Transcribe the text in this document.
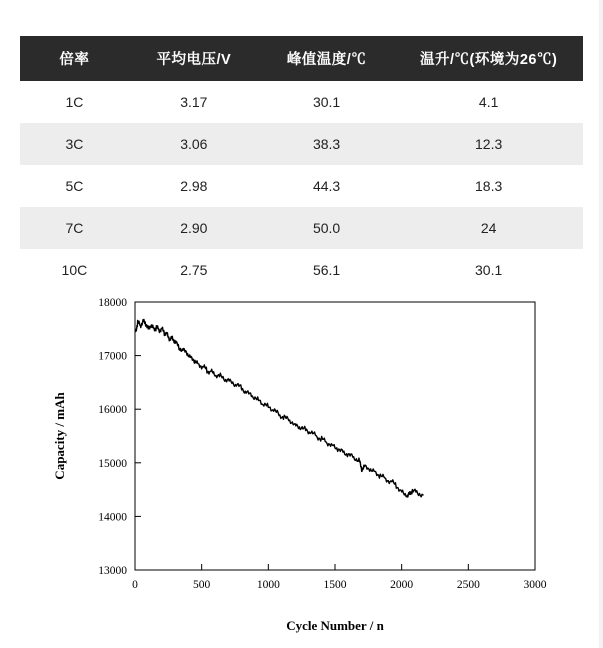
倍率	平均电压/V	峰值温度/℃	温升/℃(环境为26℃)
1C	3.17	30.1	4.1
3C	3.06	38.3	12.3
5C	2.98	44.3	18.3
7C	2.90	50.0	24
10C	2.75	56.1	30.1
13000
14000
15000
16000
17000
18000
0	500	1000	1500	2000	2500	3000
Cycle Number / n
Capacity / mAh
